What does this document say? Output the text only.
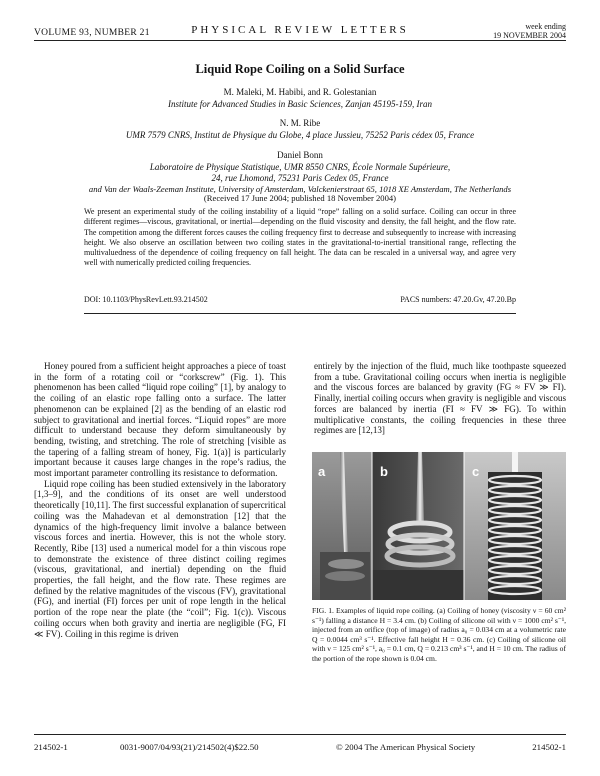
VOLUME 93, NUMBER 21	PHYSICAL REVIEW LETTERS	week ending
19 NOVEMBER 2004
Liquid Rope Coiling on a Solid Surface
M. Maleki, M. Habibi, and R. Golestanian
Institute for Advanced Studies in Basic Sciences, Zanjan 45195-159, Iran
N. M. Ribe
UMR 7579 CNRS, Institut de Physique du Globe, 4 place Jussieu, 75252 Paris cédex 05, France
Daniel Bonn
Laboratoire de Physique Statistique, UMR 8550 CNRS, École Normale Supérieure,
24, rue Lhomond, 75231 Paris Cedex 05, France
and Van der Waals-Zeeman Institute, University of Amsterdam, Valckenierstraat 65, 1018 XE Amsterdam, The Netherlands
(Received 17 June 2004; published 18 November 2004)
We present an experimental study of the coiling instability of a liquid “rope” falling on a solid surface. Coiling can occur in three different regimes—viscous, gravitational, or inertial—depending on the fluid viscosity and density, the fall height, and the flow rate. The competition among the different forces causes the coiling frequency first to decrease and subsequently to increase with increasing height. We also observe an oscillation between two coiling states in the gravitational-to-inertial transitional range, reflecting the multivaluedness of the dependence of coiling frequency on fall height. The data can be rescaled in a universal way, and agree very well with numerically predicted coiling frequencies.
DOI: 10.1103/PhysRevLett.93.214502	PACS numbers: 47.20.Gv, 47.20.Bp

Honey poured from a sufficient height approaches a piece of toast in the form of a rotating coil or “corkscrew” (Fig. 1). This phenomenon has been called “liquid rope coiling” [1], by analogy to the coiling of an elastic rope falling onto a surface. The latter phenomenon can be explained [2] as the bending of an elastic rod subject to gravitational and inertial forces. “Liquid ropes” are more difficult to understand because they deform simultaneously by bending, twisting, and stretching. The role of stretching [visible as the tapering of a falling stream of honey, Fig. 1(a)] is particularly important because it causes large changes in the rope’s radius, the most important parameter controlling its resistance to deformation.

Liquid rope coiling has been studied extensively in the laboratory [1,3–9], and the conditions of its onset are well understood theoretically [10,11]. The first successful explanation of supercritical coiling was the Mahadevan et al demonstration [12] that the dynamics of the high-frequency limit involve a balance between viscous forces and inertia. However, this is not the whole story. Recently, Ribe [13] used a numerical model for a thin viscous rope to demonstrate the existence of three distinct coiling regimes (viscous, gravitational, and inertial) depending on the fluid properties, the fall height, and the flow rate. These regimes are defined by the relative magnitudes of the viscous (FV), gravitational (FG), and inertial (FI) forces per unit of rope length in the helical portion of the rope near the plate (the “coil”; Fig. 1(c)). Viscous coiling occurs when both gravity and inertia are negligible (FG, FI ≪ FV). Coiling in this regime is driven

entirely by the injection of the fluid, much like toothpaste squeezed from a tube. Gravitational coiling occurs when inertia is negligible and the viscous forces are balanced by gravity (FG ≈ FV ≫ FI). Finally, inertial coiling occurs when gravity is negligible and viscous forces are balanced by inertia (FI ≈ FV ≫ FG). To within multiplicative constants, the coiling frequencies in these three regimes are [12,13]

a	b	c
FIG. 1. Examples of liquid rope coiling. (a) Coiling of honey (viscosity ν = 60 cm² s⁻¹) falling a distance H = 3.4 cm. (b) Coiling of silicone oil with ν = 1000 cm² s⁻¹, injected from an orifice (top of image) of radius a₀ = 0.034 cm at a volumetric rate Q = 0.0044 cm³ s⁻¹. Effective fall height H = 0.36 cm. (c) Coiling of silicone oil with ν = 125 cm² s⁻¹, a₀ = 0.1 cm, Q = 0.213 cm³ s⁻¹, and H = 10 cm. The radius of the portion of the rope shown is 0.04 cm.
214502-1	0031-9007/04/93(21)/214502(4)$22.50	© 2004 The American Physical Society	214502-1
